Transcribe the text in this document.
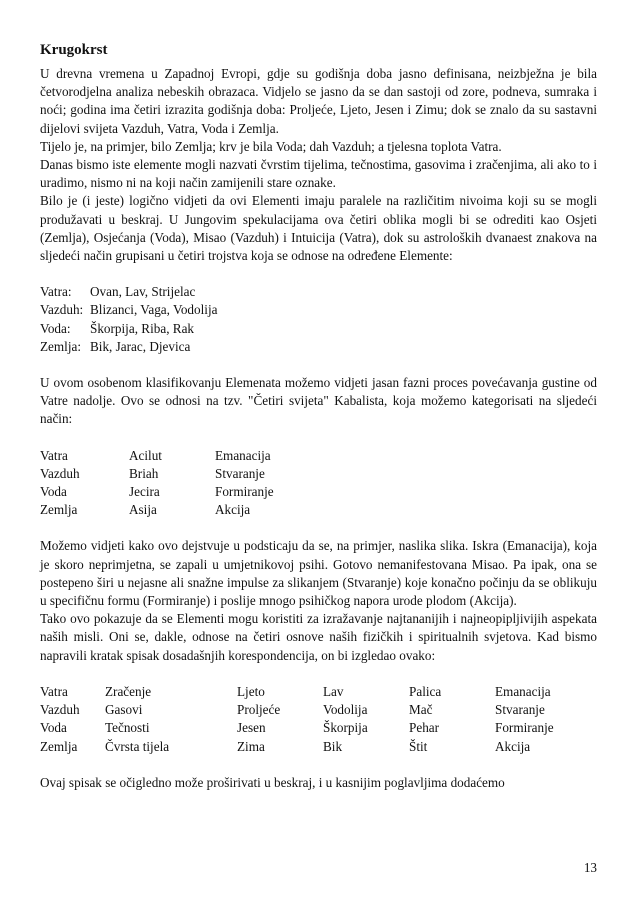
Krugokrst

U drevna vremena u Zapadnoj Evropi, gdje su godišnja doba jasno definisana, neizbježna je bila četvorodjelna analiza nebeskih obrazaca. Vidjelo se jasno da se dan sastoji od zore, podneva, sumraka i noći; godina ima četiri izrazita godišnja doba: Proljeće, Ljeto, Jesen i Zimu; dok se znalo da su sastavni dijelovi svijeta Vazduh, Vatra, Voda i Zemlja.

Tijelo je, na primjer, bilo Zemlja; krv je bila Voda; dah Vazduh; a tjelesna toplota Vatra.

Danas bismo iste elemente mogli nazvati čvrstim tijelima, tečnostima, gasovima i zračenjima, ali ako to i uradimo, nismo ni na koji način zamijenili stare oznake.

Bilo je (i jeste) logično vidjeti da ovi Elementi imaju paralele na različitim nivoima koji su se mogli produžavati u beskraj. U Jungovim spekulacijama ova četiri oblika mogli bi se odrediti kao Osjeti (Zemlja), Osjećanja (Voda), Misao (Vazduh) i Intuicija (Vatra), dok su astroloških dvanaest znakova na sljedeći način grupisani u četiri trojstva koja se odnose na određene Elemente:

Vatra:	Ovan, Lav, Strijelac
Vazduh:	Blizanci, Vaga, Vodolija
Voda:	Škorpija, Riba, Rak
Zemlja:	Bik, Jarac, Djevica

U ovom osobenom klasifikovanju Elemenata možemo vidjeti jasan fazni proces povećavanja gustine od Vatre nadolje. Ovo se odnosi na tzv. "Četiri svijeta" Kabalista, koja možemo kategorisati na sljedeći način:

Vatra	Acilut	Emanacija
Vazduh	Briah	Stvaranje
Voda	Jecira	Formiranje
Zemlja	Asija	Akcija

Možemo vidjeti kako ovo dejstvuje u podsticaju da se, na primjer, naslika slika. Iskra (Emanacija), koja je skoro neprimjetna, se zapali u umjetnikovoj psihi. Gotovo nemanifestovana Misao. Pa ipak, ona se postepeno širi u nejasne ali snažne impulse za slikanjem (Stvaranje) koje konačno počinju da se oblikuju u specifičnu formu (Formiranje) i poslije mnogo psihičkog napora urode plodom (Akcija).

Tako ovo pokazuje da se Elementi mogu koristiti za izražavanje najtananijih i najneopipljivijih aspekata naših misli. Oni se, dakle, odnose na četiri osnove naših fizičkih i spiritualnih svjetova. Kad bismo napravili kratak spisak dosadašnjih korespondencija, on bi izgledao ovako:

Vatra	Zračenje	Ljeto	Lav	Palica	Emanacija
Vazduh	Gasovi	Proljeće	Vodolija	Mač	Stvaranje
Voda	Tečnosti	Jesen	Škorpija	Pehar	Formiranje
Zemlja	Čvrsta tijela	Zima	Bik	Štit	Akcija

Ovaj spisak se očigledno može proširivati u beskraj, i u kasnijim poglavljima dodaćemo

13
